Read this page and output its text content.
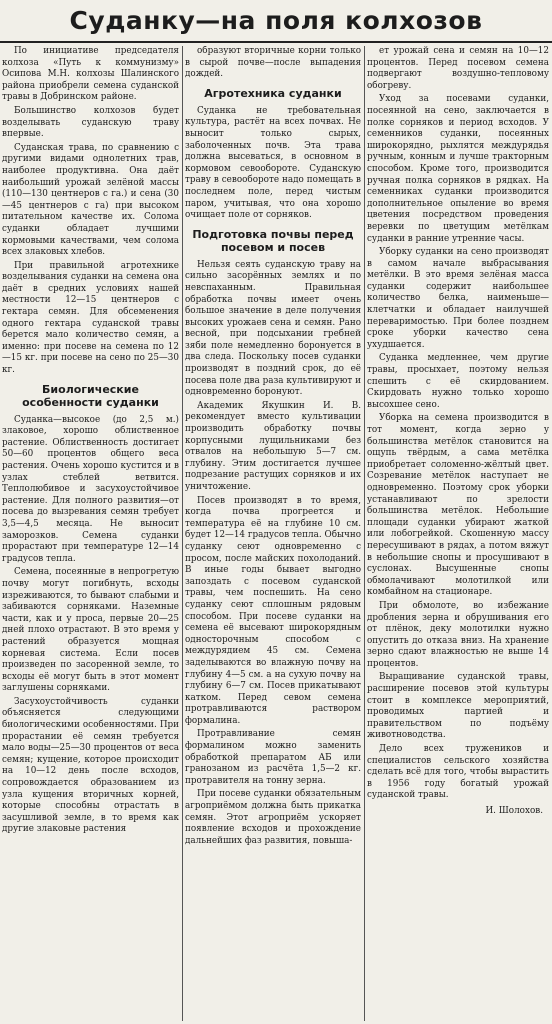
Суданку—на поля колхозов

По инициативе председателя колхоза «Путь к коммунизму» Осипова М.Н. колхозы Шалинского района приобрели семена суданской травы в Добринском районе.

Большинство колхозов будет возделывать суданскую траву впервые.

Суданская трава, по сравнению с другими видами однолетних трав, наиболее продуктивна. Она даёт наибольший урожай зелёной массы (110—130 центнеров с га.) и сена (30—45 центнеров с га) при высоком питательном качестве их. Солома суданки обладает лучшими кормовыми качествами, чем солома всех злаковых хлебов.

При правильной агротехнике возделывания суданки на семена она даёт в средних условиях нашей местности 12—15 центнеров с гектара семян. Для обсеменения одного гектара суданской травы берется мало количество семян, а именно: при посеве на семена по 12—15 кг. при посеве на сено по 25—30 кг.

Биологические особенности суданки

Суданка—высокое (до 2,5 м.) злаковое, хорошо облиственное растение. Облиственность достигает 50—60 процентов общего веса растения. Очень хорошо кустится и в узлах стеблей ветвится. Теплолюбивое и засухоустойчивое растение. Для полного развития—от посева до вызревания семян требует 3,5—4,5 месяца. Не выносит заморозков. Семена суданки прорастают при температуре 12—14 градусов тепла.

Семена, посеянные в непрогретую почву могут погибнуть, всходы изреживаются, то бывают слабыми и забиваются сорняками. Наземные части, как и у проса, первые 20—25 дней плохо отрастают. В это время у растений образуется мощная корневая система. Если посев произведен по засоренной земле, то всходы её могут быть в этот момент заглушены сорняками.

Засухоустойчивость суданки объясняется следующими биологическими особенностями. При прорастании её семян требуется мало воды—25—30 процентов от веса семян; кущение, которое происходит на 10—12 день после всходов, сопровождается образованием из узла кущения вторичных корней, которые способны отрастать в засушливой земле, в то время как другие злаковые растения

образуют вторичные корни только в сырой почве—после выпадения дождей.

Агротехника суданки

Суданка не требовательная культура, растёт на всех почвах. Не выносит только сырых, заболоченных почв. Эта трава должна высеваться, в основном в кормовом севообороте. Суданскую траву в севообороте надо помещать в последнем поле, перед чистым паром, учитывая, что она хорошо очищает поле от сорняков.

Подготовка почвы перед посевом и посев

Нельзя сеять суданскую траву на сильно засорённых землях и по невспаханным. Правильная обработка почвы имеет очень большое значение в деле получения высоких урожаев сена и семян. Рано весной, при подсыхании гребней зяби поле немедленно боронуется в два следа. Поскольку посев суданки производят в поздний срок, до её посева поле два раза культивируют и одновременно боронуют.

Академик Якушкин И. В. рекомендует вместо культивации производить обработку почвы корпусными лущильниками без отвалов на небольшую 5—7 см. глубину. Этим достигается лучшее подрезание растущих сорняков и их уничтожение.

Посев производят в то время, когда почва прогреется и температура её на глубине 10 см. будет 12—14 градусов тепла. Обычно суданку сеют одновременно с просом, после майских похолоданий. В иные годы бывает выгодно запоздать с посевом суданской травы, чем поспешить. На сено суданку сеют сплошным рядовым способом. При посеве суданки на семена её высевают широкорядным односторочным способом с междурядием 45 см. Семена заделываются во влажную почву на глубину 4—5 см. а на сухую почву на глубину 6—7 см. Посев прикатывают катком. Перед севом семена протравливаются раствором формалина.

Протравливание семян формалином можно заменить обработкой препаратом АБ или гранозаном из расчёта 1,5—2 кг. протравителя на тонну зерна.

При посеве суданки обязательным агроприёмом должна быть прикатка семян. Этот агроприём ускоряет появление всходов и прохождение дальнейших фаз развития, повыша-

ет урожай сена и семян на 10—12 процентов. Перед посевом семена подвергают воздушно-тепловому обогреву.

Уход за посевами суданки, посеянной на сено, заключается в полке сорняков и период всходов. У семенников суданки, посеянных широкорядно, рыхлятся междурядья ручным, конным и лучше тракторным способом. Кроме того, производится ручная полка сорняков в рядках. На семенниках суданки производится дополнительное опыление во время цветения посредством проведения веревки по цветущим метёлкам суданки в ранние утренние часы.

Уборку суданки на сено производят в самом начале выбрасывания метёлки. В это время зелёная масса суданки содержит наибольшее количество белка, наименьше—клетчатки и обладает наилучшей переваримостью. При более позднем сроке уборки качество сена ухудшается.

Суданка медленнее, чем другие травы, просыхает, поэтому нельзя спешить с её скирдованием. Скирдовать нужно только хорошо высохшее сено.

Уборка на семена производится в тот момент, когда зерно у большинства метёлок становится на ощупь твёрдым, а сама метёлка приобретает соломенно-жёлтый цвет. Созревание метёлок наступает не одновременно. Поэтому срок уборки устанавливают по зрелости большинства метёлок. Небольшие площади суданки убирают жаткой или лобогрейкой. Скошенную массу пересушивают в рядах, а потом вяжут в небольшие снопы и просушивают в суслонах. Высушенные снопы обмолачивают молотилкой или комбайном на стационаре.

При обмолоте, во избежание дробления зерна и обрушивания его от плёнок, деку молотилки нужно опустить до отказа вниз. На хранение зерно сдают влажностью не выше 14 процентов.

Выращивание суданской травы, расширение посевов этой культуры стоит в комплексе мероприятий, проводимых партией и правительством по подъёму животноводства.

Дело всех тружеников и специалистов сельского хозяйства сделать всё для того, чтобы вырастить в 1956 году богатый урожай суданской травы.

И. Шолохов.
